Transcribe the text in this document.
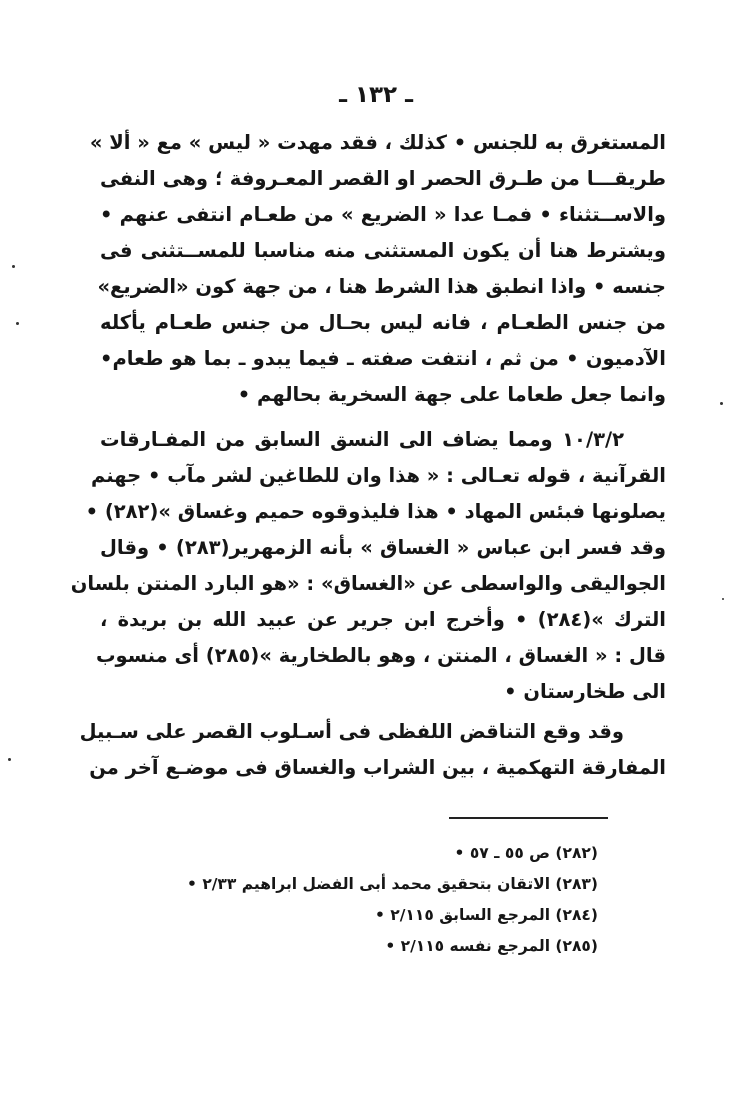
ـ ١٣٢ ـ
المستغرق به للجنس • كذلك ، فقد مهدت « ليس » مع « ألا »
طريقـــا من طـرق الحصر او القصر المعـروفة ؛ وهى النفى
والاســتثناء • فمـا عدا « الضريع » من طعـام انتفى عنهم •
ويشترط هنا أن يكون المستثنى منه مناسبا للمســتثنى فى
جنسه • واذا انطبق هذا الشرط هنا ، من جهة كون «الضريع»
من جنس الطعـام ، فانه ليس بحـال من جنس طعـام يأكله
الآدميون • من ثم ، انتفت صفته ـ فيما يبدو ـ بما هو طعام•
وانما جعل طعاما على جهة السخرية بحالهم •
١٠/٣/٢ ومما يضاف الى النسق السابق من المفـارقات
القرآنية ، قوله تعـالى : « هذا وان للطاغين لشر مآب • جهنم
يصلونها فبئس المهاد • هذا فليذوقوه حميم وغساق »(٢٨٢) •
وقد فسر ابن عباس « الغساق » بأنه الزمهرير(٢٨٣) • وقال
الجواليقى والواسطى عن «الغساق» : «هو البارد المنتن بلسان
الترك »(٢٨٤) • وأخرج ابن جرير عن عبيد الله بن بريدة ،
قال : « الغساق ، المنتن ، وهو بالطخارية »(٢٨٥) أى منسوب
الى طخارستان •
وقد وقع التناقض اللفظى فى أسـلوب القصر على سـبيل
المفارقة التهكمية ، بين الشراب والغساق فى موضـع آخر من
(٢٨٢) ص ٥٥ ـ ٥٧ •
(٢٨٣) الاتقان بتحقيق محمد أبى الفضل ابراهيم ٢/٣٣ •
(٢٨٤) المرجع السابق ٢/١١٥ •
(٢٨٥) المرجع نفسه ٢/١١٥ •
